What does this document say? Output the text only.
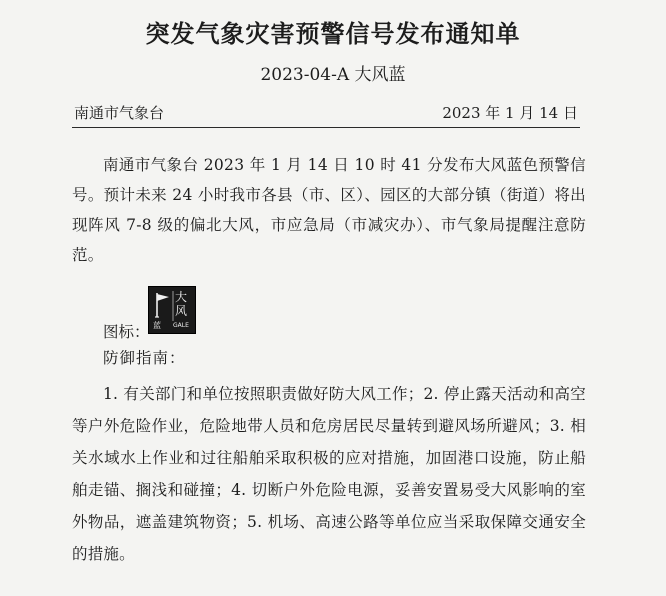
突发气象灾害预警信号发布通知单
2023-04-A 大风蓝
南通市气象台	2023 年 1 月 14 日
南通市气象台 2023 年 1 月 14 日 10 时 41 分发布大风蓝色预警信号。预计未来 24 小时我市各县（市、区）、园区的大部分镇（街道）将出现阵风 7-8 级的偏北大风，市应急局（市减灾办）、市气象局提醒注意防范。
大风
蓝 GALE
图标：
防御指南：
1. 有关部门和单位按照职责做好防大风工作；2. 停止露天活动和高空等户外危险作业，危险地带人员和危房居民尽量转到避风场所避风；3. 相关水域水上作业和过往船舶采取积极的应对措施，加固港口设施，防止船舶走锚、搁浅和碰撞；4. 切断户外危险电源，妥善安置易受大风影响的室外物品，遮盖建筑物资；5. 机场、高速公路等单位应当采取保障交通安全的措施。
